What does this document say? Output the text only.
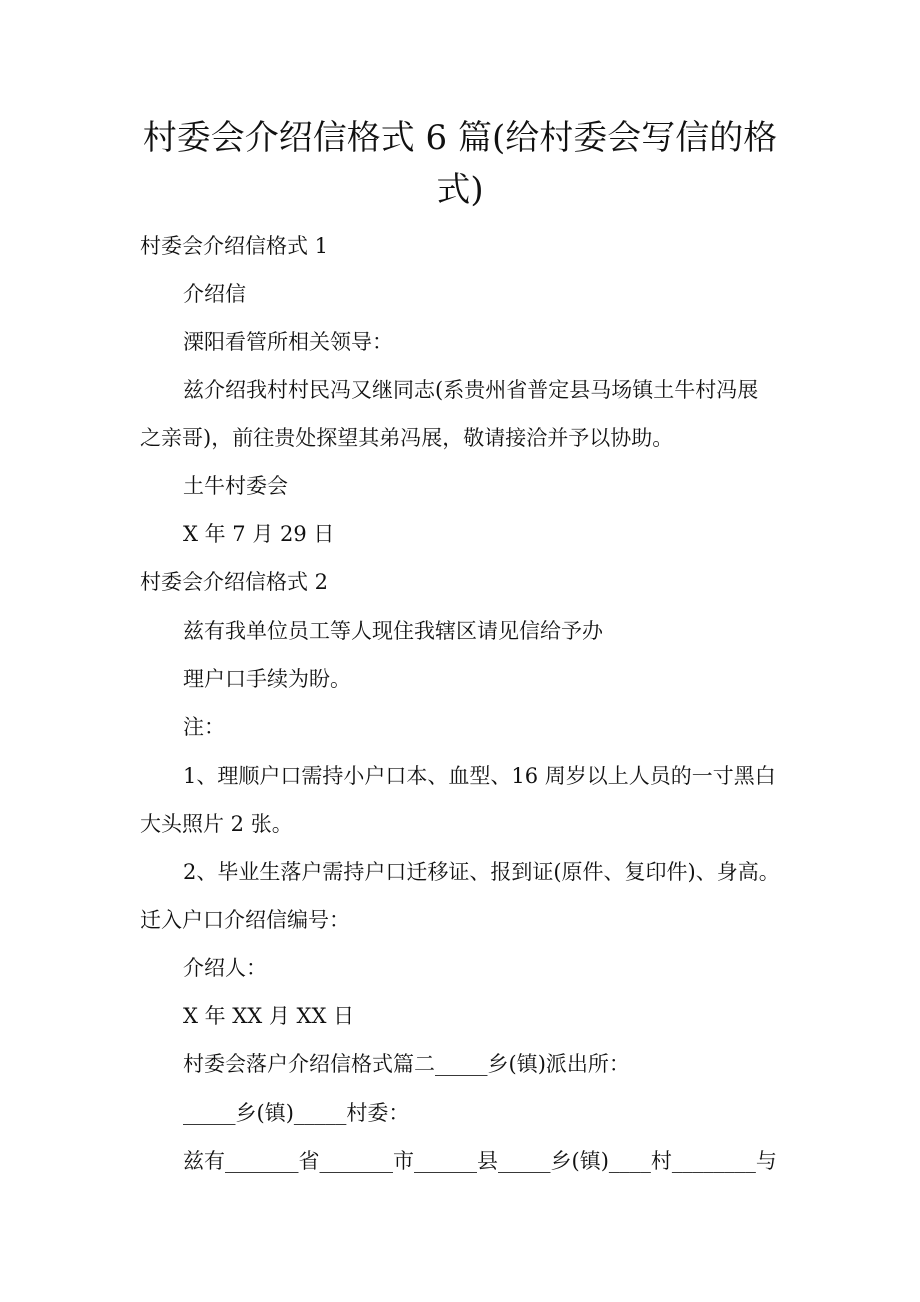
村委会介绍信格式 6 篇(给村委会写信的格
式)

村委会介绍信格式 1

介绍信

溧阳看管所相关领导：

兹介绍我村村民冯又继同志(系贵州省普定县马场镇土牛村冯展

之亲哥)，前往贵处探望其弟冯展，敬请接洽并予以协助。

土牛村委会

X 年 7 月 29 日

村委会介绍信格式 2

兹有我单位员工等人现住我辖区请见信给予办

理户口手续为盼。

注：

1、理顺户口需持小户口本、血型、16 周岁以上人员的一寸黑白

大头照片 2 张。

2、毕业生落户需持户口迁移证、报到证(原件、复印件)、身高。

迁入户口介绍信编号：

介绍人：

X 年 XX 月 XX 日

村委会落户介绍信格式篇二_____乡(镇)派出所：

_____乡(镇)_____村委：

兹有_______省_______市______县_____乡(镇)____村________与
